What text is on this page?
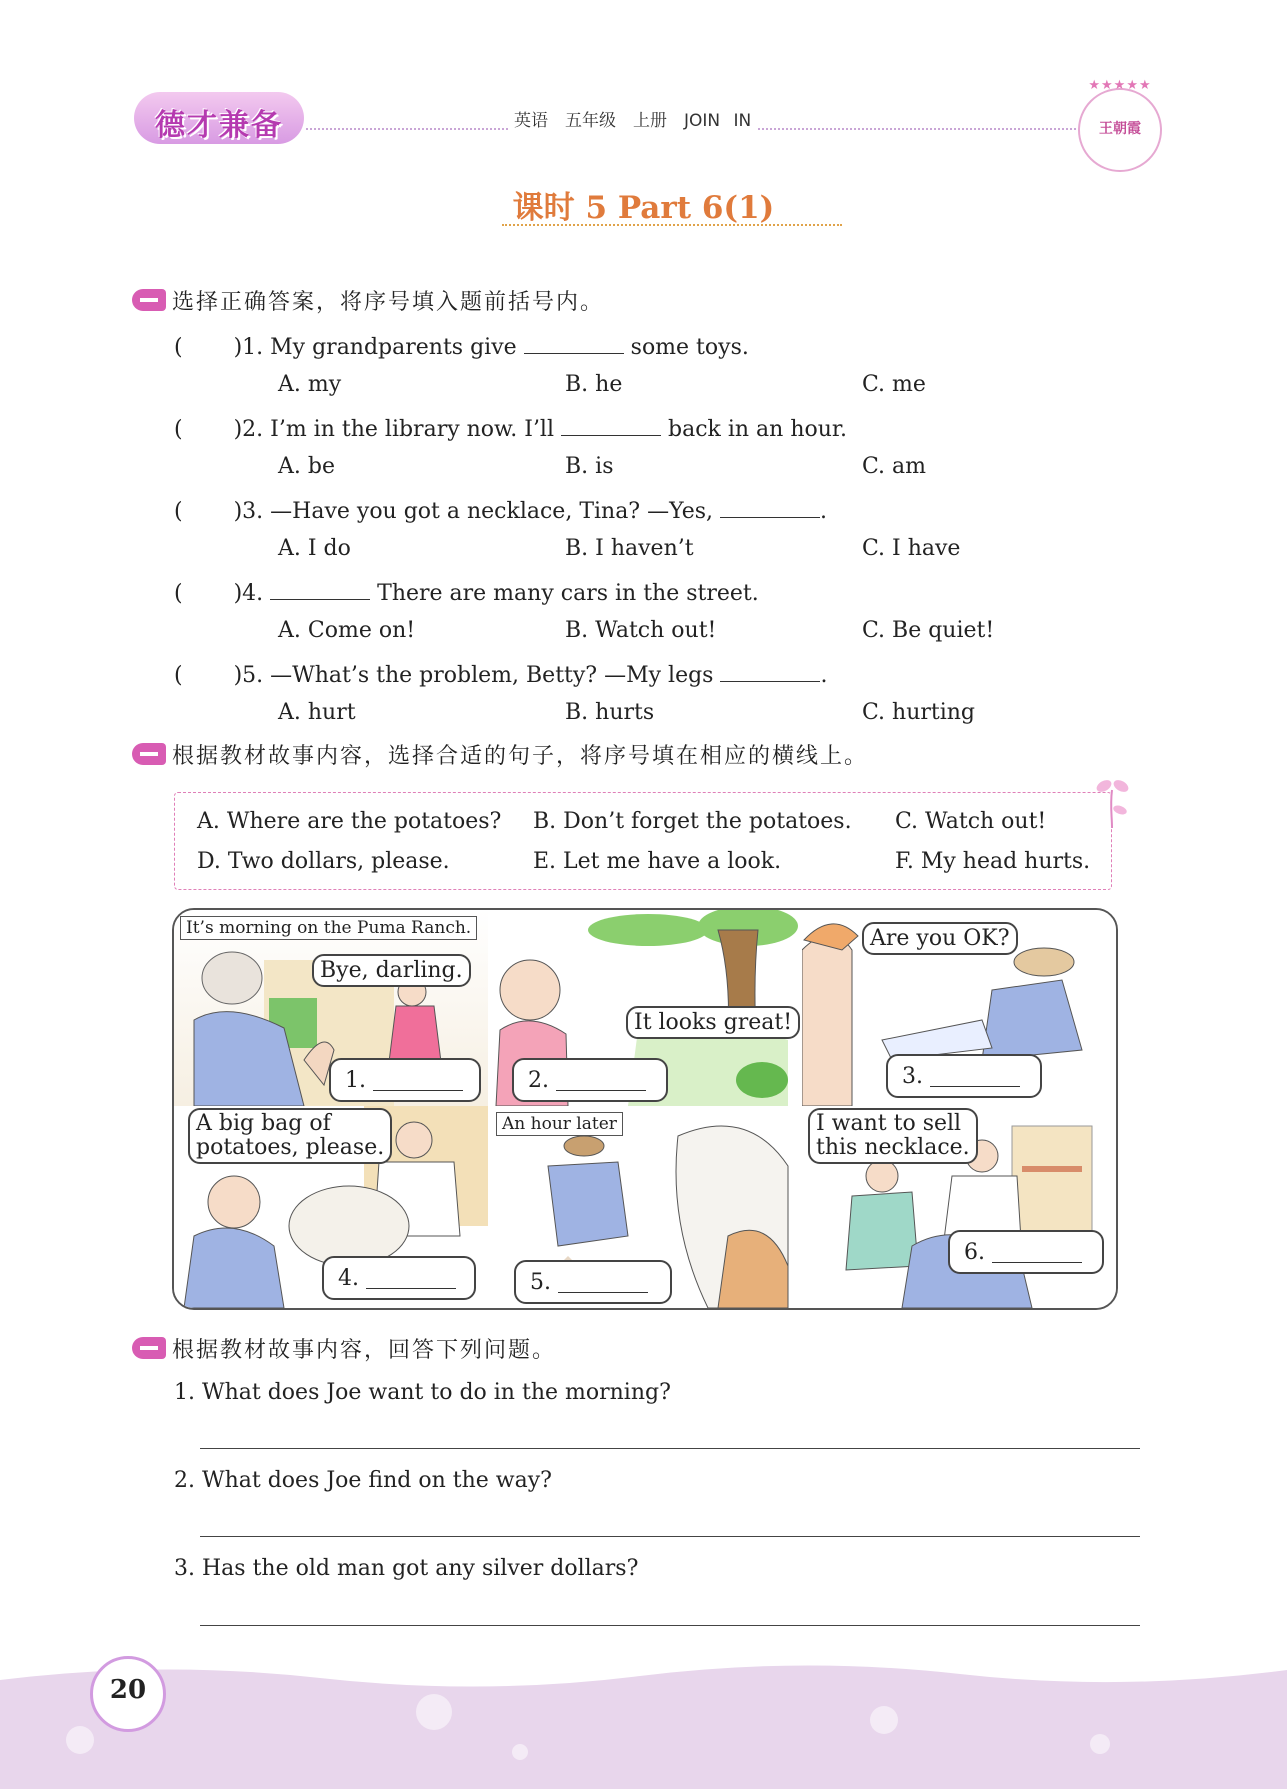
德才兼备	英语　五年级　上册　JOIN IN
★★★★★
王朝霞
课时 5 Part 6(1)
选择正确答案，将序号填入题前括号内。
( 　　)1. My grandparents give	some toys.
A. my	B. he	C. me
( 　　)2. I’m in the library now. I’ll	back in an hour.
A. be	B. is	C. am
( 　　)3. —Have you got a necklace, Tina? —Yes,	.
A. I do	B. I haven’t	C. I have
( 　　)4.	There are many cars in the street.
A. Come on!	B. Watch out!	C. Be quiet!
( 　　)5. —What’s the problem, Betty? —My legs	.
A. hurt	B. hurts	C. hurting
根据教材故事内容，选择合适的句子，将序号填在相应的横线上。
A. Where are the potatoes? B. Don’t forget the potatoes. C. Watch out!
D. Two dollars, please.	E. Let me have a look.	F. My head hurts.
It’s morning on the Puma Ranch.
Bye, darling.
1.
It looks great!
2.
Are you OK?
3.
A big bag of
potatoes, please.
4.
An hour later
5.
I want to sell
this necklace.
6.
根据教材故事内容，回答下列问题。
1. What does Joe want to do in the morning?
2. What does Joe find on the way?
3. Has the old man got any silver dollars?
20
